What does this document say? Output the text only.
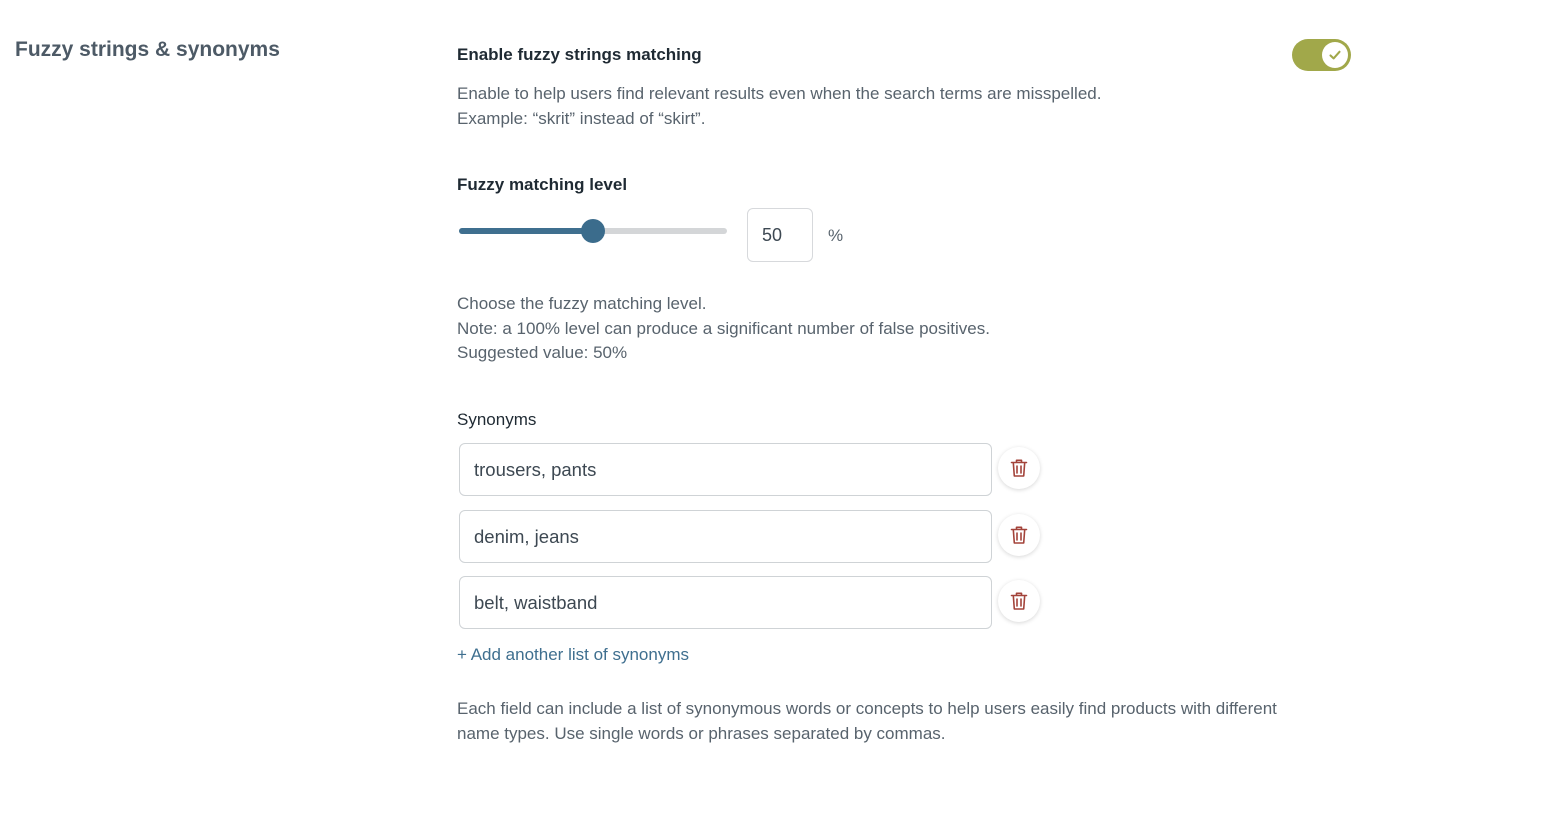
Fuzzy strings & synonyms	Enable fuzzy strings matching
Enable to help users find relevant results even when the search terms are misspelled.
Example: “skrit” instead of “skirt”.
Fuzzy matching level
50
%
Choose the fuzzy matching level.
Note: a 100% level can produce a significant number of false positives.
Suggested value: 50%
Synonyms
trousers, pants
denim, jeans
belt, waistband
+ Add another list of synonyms
Each field can include a list of synonymous words or concepts to help users easily find products with different
name types. Use single words or phrases separated by commas.
